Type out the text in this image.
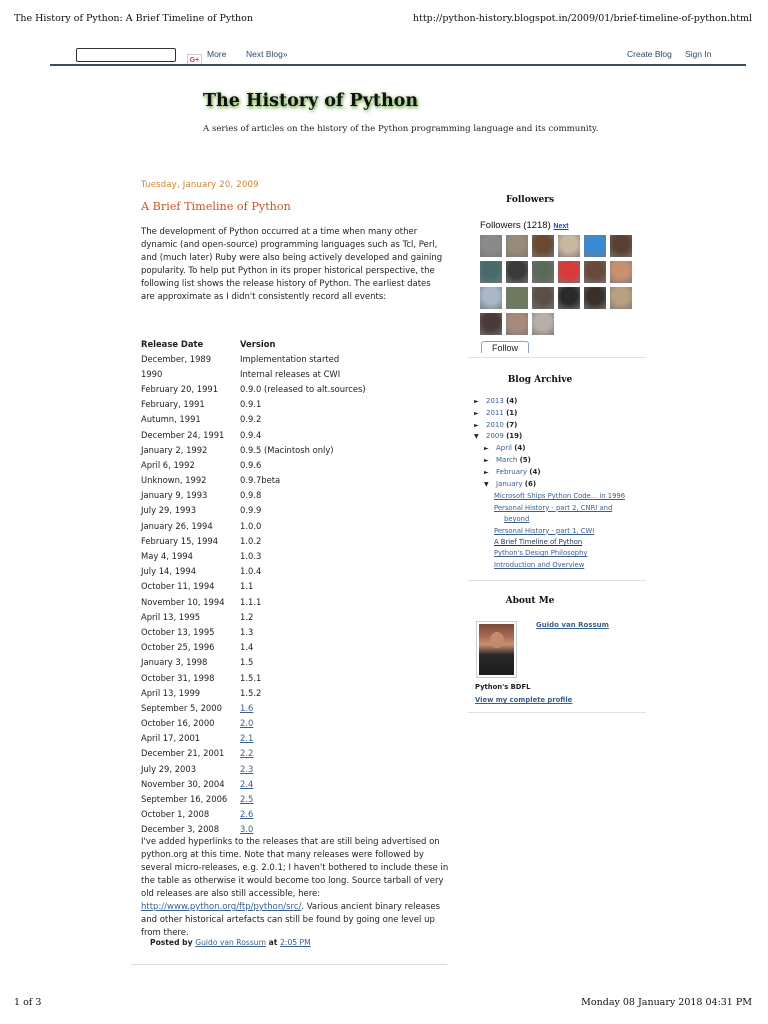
The History of Python: A Brief Timeline of Python	http://python-history.blogspot.in/2009/01/brief-timeline-of-python.html
G+
More Next Blog»	Create Blog Sign In
The History of Python
A series of articles on the history of the Python programming language and its community.
Tuesday, January 20, 2009
A Brief Timeline of Python
The development of Python occurred at a time when many other dynamic (and open-source) programming languages such as Tcl, Perl, and (much later) Ruby were also being actively developed and gaining popularity. To help put Python in its proper historical perspective, the following list shows the release history of Python. The earliest dates are approximate as I didn't consistently record all events:
Release Date	Version
December, 1989	Implementation started
1990	Internal releases at CWI
February 20, 1991	0.9.0 (released to alt.sources)
February, 1991	0.9.1
Autumn, 1991	0.9.2
December 24, 1991	0.9.4
January 2, 1992	0.9.5 (Macintosh only)
April 6, 1992	0.9.6
Unknown, 1992	0.9.7beta
January 9, 1993	0.9.8
July 29, 1993	0.9.9
January 26, 1994	1.0.0
February 15, 1994	1.0.2
May 4, 1994	1.0.3
July 14, 1994	1.0.4
October 11, 1994	1.1
November 10, 1994	1.1.1
April 13, 1995	1.2
October 13, 1995	1.3
October 25, 1996	1.4
January 3, 1998	1.5
October 31, 1998	1.5.1
April 13, 1999	1.5.2
September 5, 2000	1.6
October 16, 2000	2.0
April 17, 2001	2.1
December 21, 2001	2.2
July 29, 2003	2.3
November 30, 2004	2.4
September 16, 2006	2.5
October 1, 2008	2.6
December 3, 2008	3.0
I've added hyperlinks to the releases that are still being advertised on python.org at this time. Note that many releases were followed by several micro-releases, e.g. 2.0.1; I haven't bothered to include these in the table as otherwise it would become too long. Source tarball of very old releases are also still accessible, here: http://www.python.org/ftp/python/src/. Various ancient binary releases and other historical artefacts can still be found by going one level up from there.
Posted by Guido van Rossum at 2:05 PM
Followers
Followers (1218) Next
Follow
Blog Archive
► 2013 (4)
► 2011 (1)
► 2010 (7)
▼ 2009 (19)
► April (4)
► March (5)
► February (4)
▼ January (6)
Microsoft Ships Python Code... in 1996
Personal History - part 2, CNRI and
beyond
Personal History - part 1, CWI
A Brief Timeline of Python
Python's Design Philosophy
Introduction and Overview
About Me
Guido van Rossum
Python's BDFL
View my complete profile
1 of 3	Monday 08 January 2018 04:31 PM
